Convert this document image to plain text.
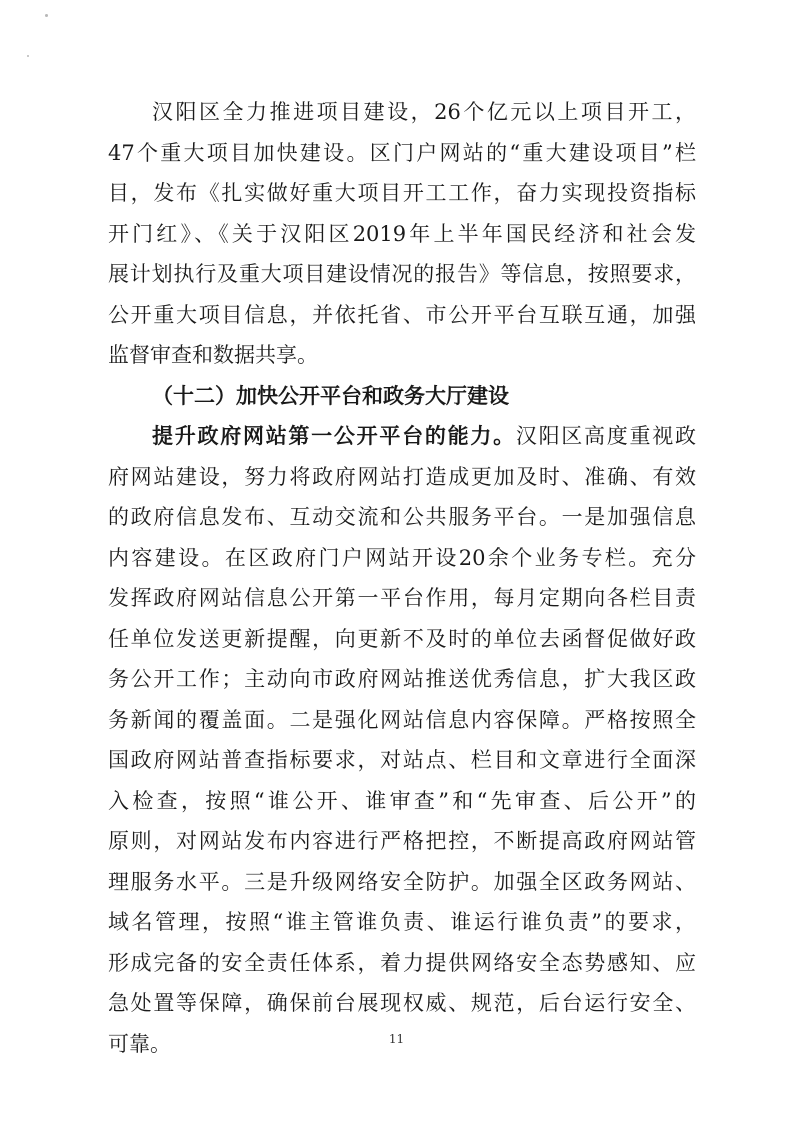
汉阳区全力推进项目建设，26个亿元以上项目开工，
47个重大项目加快建设。区门户网站的“重大建设项目”栏
目，发布《扎实做好重大项目开工工作，奋力实现投资指标
开门红》、《关于汉阳区2019年上半年国民经济和社会发
展计划执行及重大项目建设情况的报告》等信息，按照要求，
公开重大项目信息，并依托省、市公开平台互联互通，加强
监督审查和数据共享。
（十二）加快公开平台和政务大厅建设
提升政府网站第一公开平台的能力。汉阳区高度重视政
府网站建设，努力将政府网站打造成更加及时、准确、有效
的政府信息发布、互动交流和公共服务平台。一是加强信息
内容建设。在区政府门户网站开设20余个业务专栏。充分
发挥政府网站信息公开第一平台作用，每月定期向各栏目责
任单位发送更新提醒，向更新不及时的单位去函督促做好政
务公开工作；主动向市政府网站推送优秀信息，扩大我区政
务新闻的覆盖面。二是强化网站信息内容保障。严格按照全
国政府网站普查指标要求，对站点、栏目和文章进行全面深
入检查，按照“谁公开、谁审查”和“先审查、后公开”的
原则，对网站发布内容进行严格把控，不断提高政府网站管
理服务水平。三是升级网络安全防护。加强全区政务网站、
域名管理，按照“谁主管谁负责、谁运行谁负责”的要求，
形成完备的安全责任体系，着力提供网络安全态势感知、应
急处置等保障，确保前台展现权威、规范，后台运行安全、
可靠。	11
